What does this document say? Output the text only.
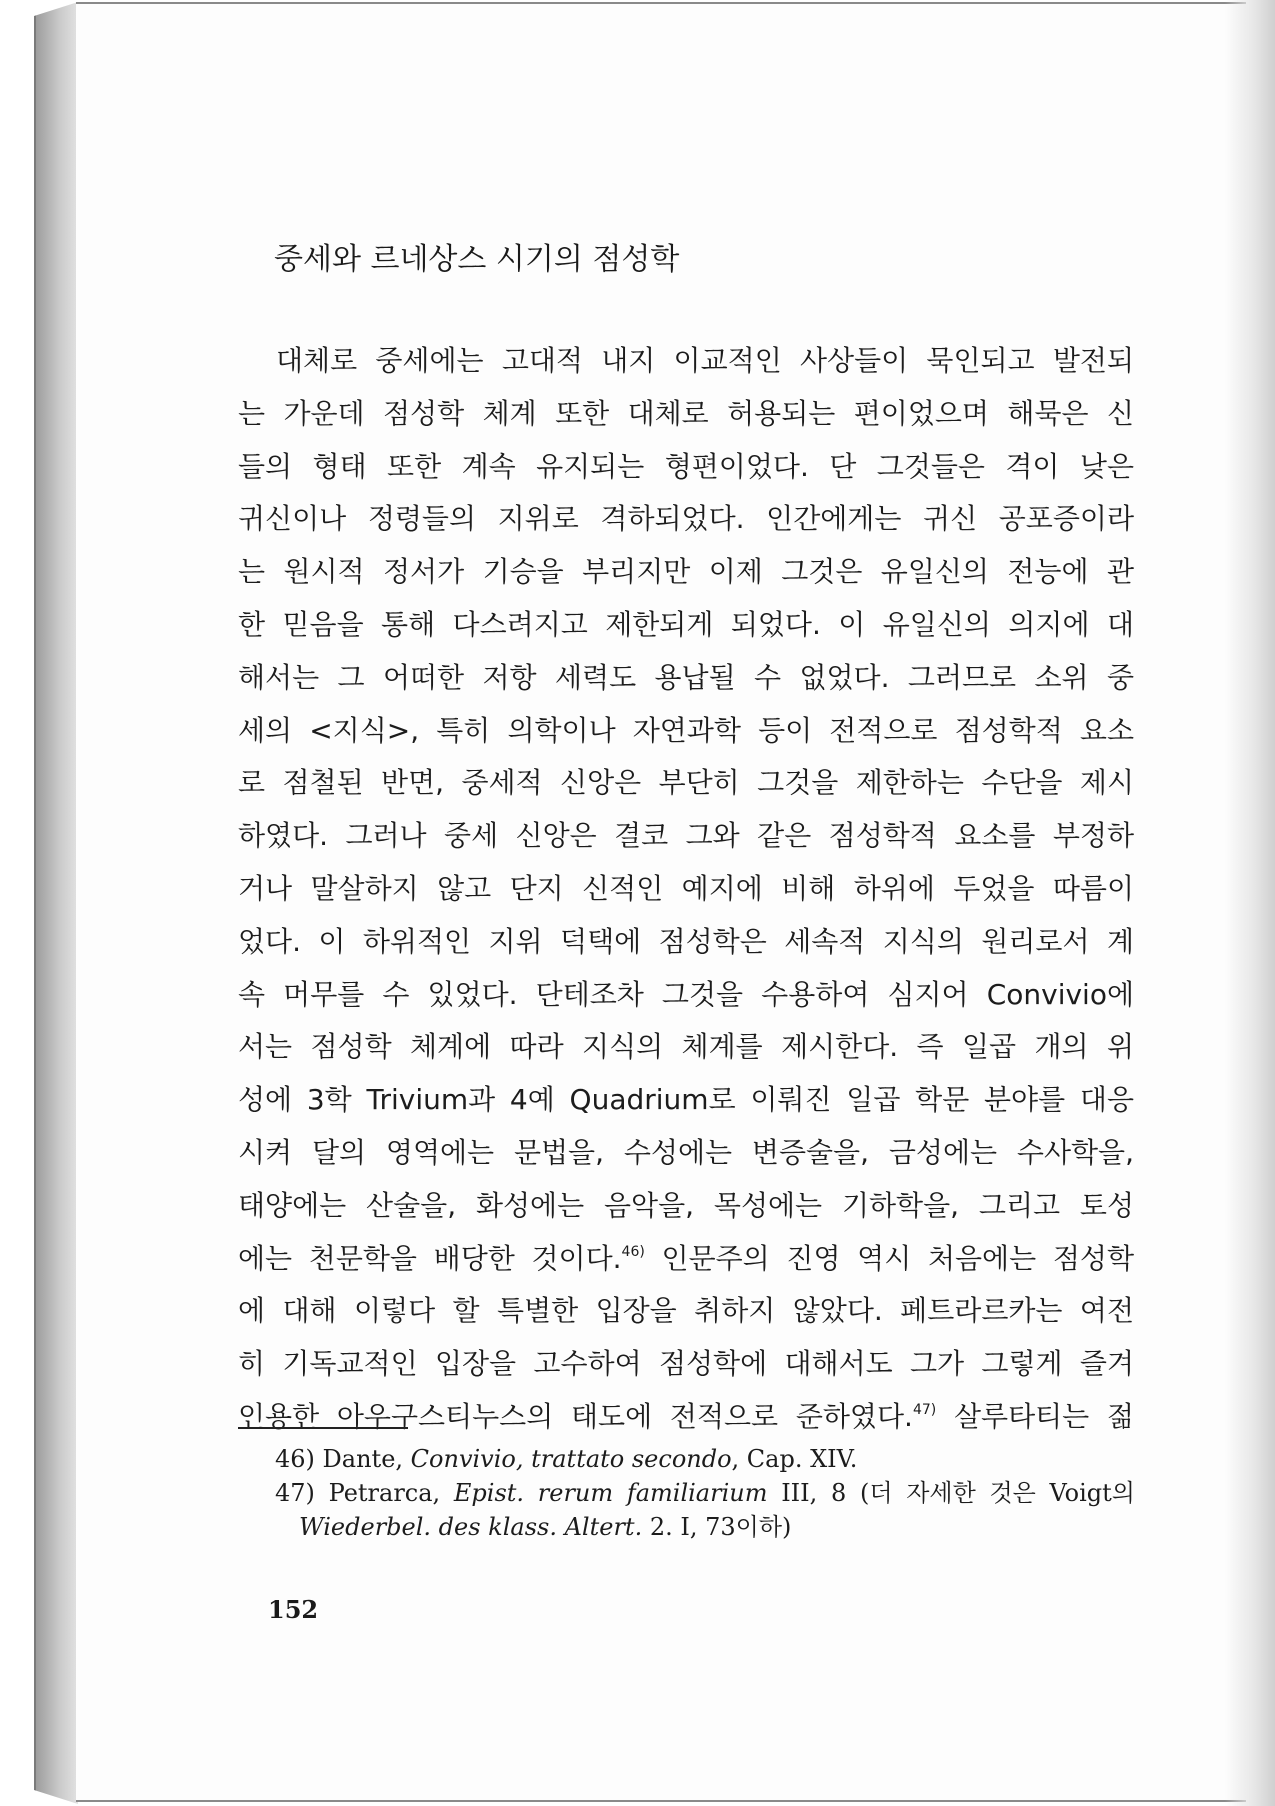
중세와 르네상스 시기의 점성학
대체로 중세에는 고대적 내지 이교적인 사상들이 묵인되고 발전되
는 가운데 점성학 체계 또한 대체로 허용되는 편이었으며 해묵은 신
들의 형태 또한 계속 유지되는 형편이었다. 단 그것들은 격이 낮은
귀신이나 정령들의 지위로 격하되었다. 인간에게는 귀신 공포증이라
는 원시적 정서가 기승을 부리지만 이제 그것은 유일신의 전능에 관
한 믿음을 통해 다스려지고 제한되게 되었다. 이 유일신의 의지에 대
해서는 그 어떠한 저항 세력도 용납될 수 없었다. 그러므로 소위 중
세의 <지식>, 특히 의학이나 자연과학 등이 전적으로 점성학적 요소
로 점철된 반면, 중세적 신앙은 부단히 그것을 제한하는 수단을 제시
하였다. 그러나 중세 신앙은 결코 그와 같은 점성학적 요소를 부정하
거나 말살하지 않고 단지 신적인 예지에 비해 하위에 두었을 따름이
었다. 이 하위적인 지위 덕택에 점성학은 세속적 지식의 원리로서 계
속 머무를 수 있었다. 단테조차 그것을 수용하여 심지어 Convivio에
서는 점성학 체계에 따라 지식의 체계를 제시한다. 즉 일곱 개의 위
성에 3학 Trivium과 4예 Quadrium로 이뤄진 일곱 학문 분야를 대응
시켜 달의 영역에는 문법을, 수성에는 변증술을, 금성에는 수사학을,
태양에는 산술을, 화성에는 음악을, 목성에는 기하학을, 그리고 토성
에는 천문학을 배당한 것이다.$^{46)}$ 인문주의 진영 역시 처음에는 점성학
에 대해 이렇다 할 특별한 입장을 취하지 않았다. 페트라르카는 여전
히 기독교적인 입장을 고수하여 점성학에 대해서도 그가 그렇게 즐겨
인용한 아우구스티누스의 태도에 전적으로 준하였다.$^{47)}$ 살루타티는 젊
46) Dante, Convivio, trattato secondo, Cap. XIV.
47) Petrarca, Epist. rerum familiarium III, 8 (더 자세한 것은 Voigt의
Wiederbel. des klass. Altert. 2. I, 73이하)
152
